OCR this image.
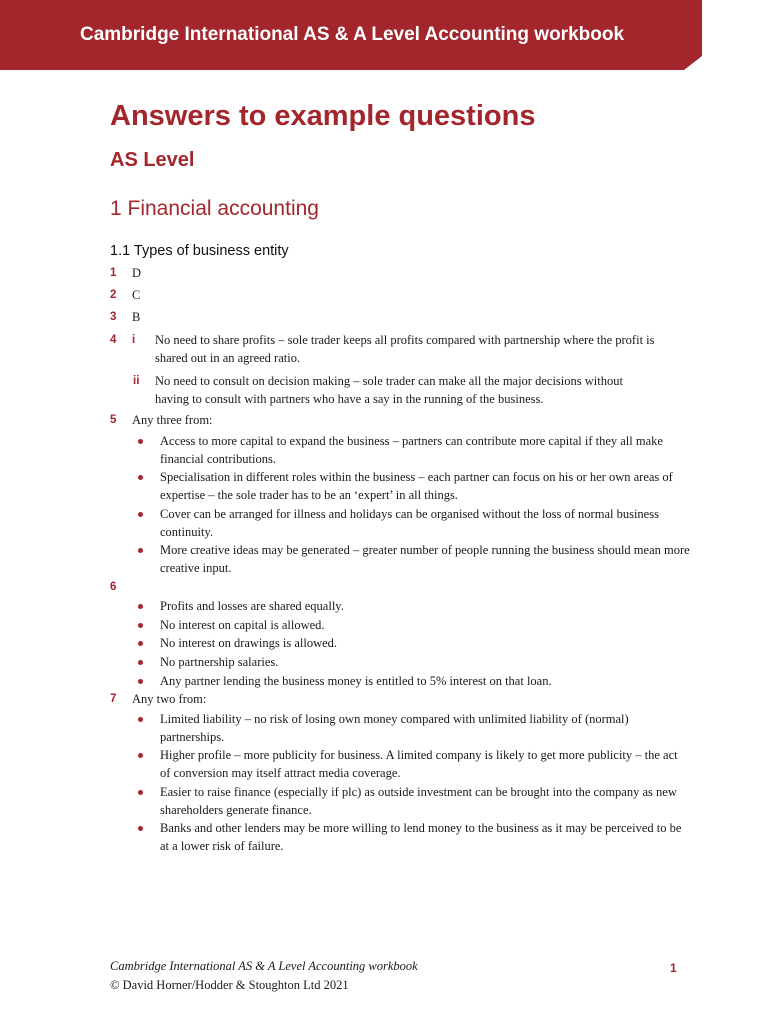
Cambridge International AS & A Level Accounting workbook
Answers to example questions
AS Level
1 Financial accounting
1.1 Types of business entity
1 D
2 C
3 B
4 i No need to share profits – sole trader keeps all profits compared with partnership where the profit is shared out in an agreed ratio.
ii No need to consult on decision making – sole trader can make all the major decisions without having to consult with partners who have a say in the running of the business.
5 Any three from:
Access to more capital to expand the business – partners can contribute more capital if they all make financial contributions.
Specialisation in different roles within the business – each partner can focus on his or her own areas of expertise – the sole trader has to be an ‘expert’ in all things.
Cover can be arranged for illness and holidays can be organised without the loss of normal business continuity.
More creative ideas may be generated – greater number of people running the business should mean more creative input.
6
Profits and losses are shared equally.
No interest on capital is allowed.
No interest on drawings is allowed.
No partnership salaries.
Any partner lending the business money is entitled to 5% interest on that loan.
7 Any two from:
Limited liability – no risk of losing own money compared with unlimited liability of (normal) partnerships.
Higher profile – more publicity for business. A limited company is likely to get more publicity – the act of conversion may itself attract media coverage.
Easier to raise finance (especially if plc) as outside investment can be brought into the company as new shareholders generate finance.
Banks and other lenders may be more willing to lend money to the business as it may be perceived to be at a lower risk of failure.
Cambridge International AS & A Level Accounting workbook
© David Horner/Hodder & Stoughton Ltd 2021
1
